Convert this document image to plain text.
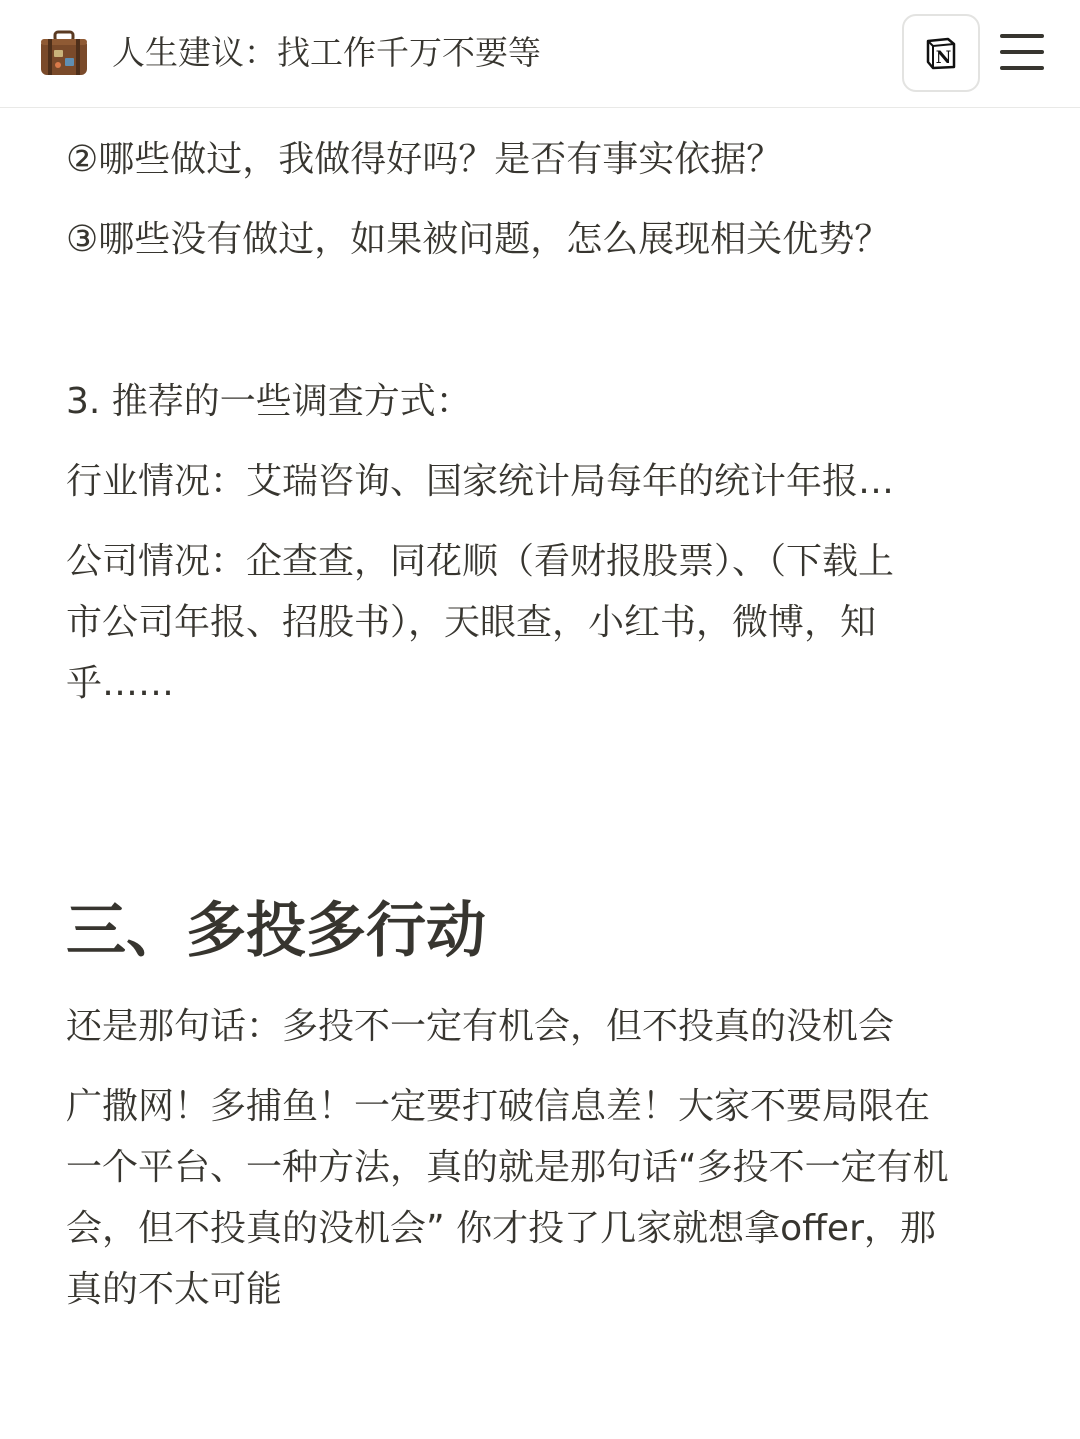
人生建议：找工作千万不要等	N
②哪些做过，我做得好吗？是否有事实依据？
③哪些没有做过，如果被问题，怎么展现相关优势？
3. 推荐的一些调查方式：
行业情况：艾瑞咨询、国家统计局每年的统计年报…
公司情况：企查查，同花顺（看财报股票）、（下载上
市公司年报、招股书），天眼查，小红书，微博，知
乎……
三、多投多行动
还是那句话：多投不一定有机会，但不投真的没机会
广撒网！多捕鱼！一定要打破信息差！大家不要局限在
一个平台、一种方法，真的就是那句话“多投不一定有机
会，但不投真的没机会” 你才投了几家就想拿offer，那
真的不太可能
